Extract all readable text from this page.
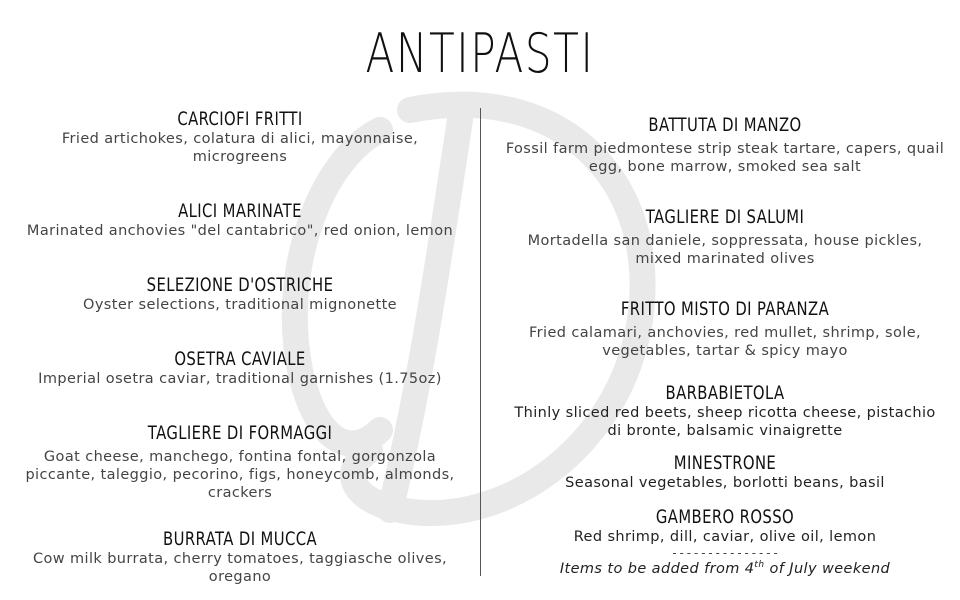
ANTIPASTI
CARCIOFI FRITTI
Fried artichokes, colatura di alici, mayonnaise, microgreens
ALICI MARINATE
Marinated anchovies "del cantabrico", red onion, lemon
SELEZIONE D'OSTRICHE
Oyster selections, traditional mignonette
OSETRA CAVIALE
Imperial osetra caviar, traditional garnishes (1.75oz)
TAGLIERE DI FORMAGGI
Goat cheese, manchego, fontina fontal, gorgonzola piccante, taleggio, pecorino, figs, honeycomb, almonds, crackers
BURRATA DI MUCCA
Cow milk burrata, cherry tomatoes, taggiasche olives, oregano
BATTUTA DI MANZO
Fossil farm piedmontese strip steak tartare, capers, quail egg, bone marrow, smoked sea salt
TAGLIERE DI SALUMI
Mortadella san daniele, soppressata, house pickles, mixed marinated olives
FRITTO MISTO DI PARANZA
Fried calamari, anchovies, red mullet, shrimp, sole, vegetables, tartar & spicy mayo
BARBABIETOLA
Thinly sliced red beets, sheep ricotta cheese, pistachio di bronte, balsamic vinaigrette
MINESTRONE
Seasonal vegetables, borlotti beans, basil
GAMBERO ROSSO
Red shrimp, dill, caviar, olive oil, lemon
---------------
Items to be added from 4th of July weekend
